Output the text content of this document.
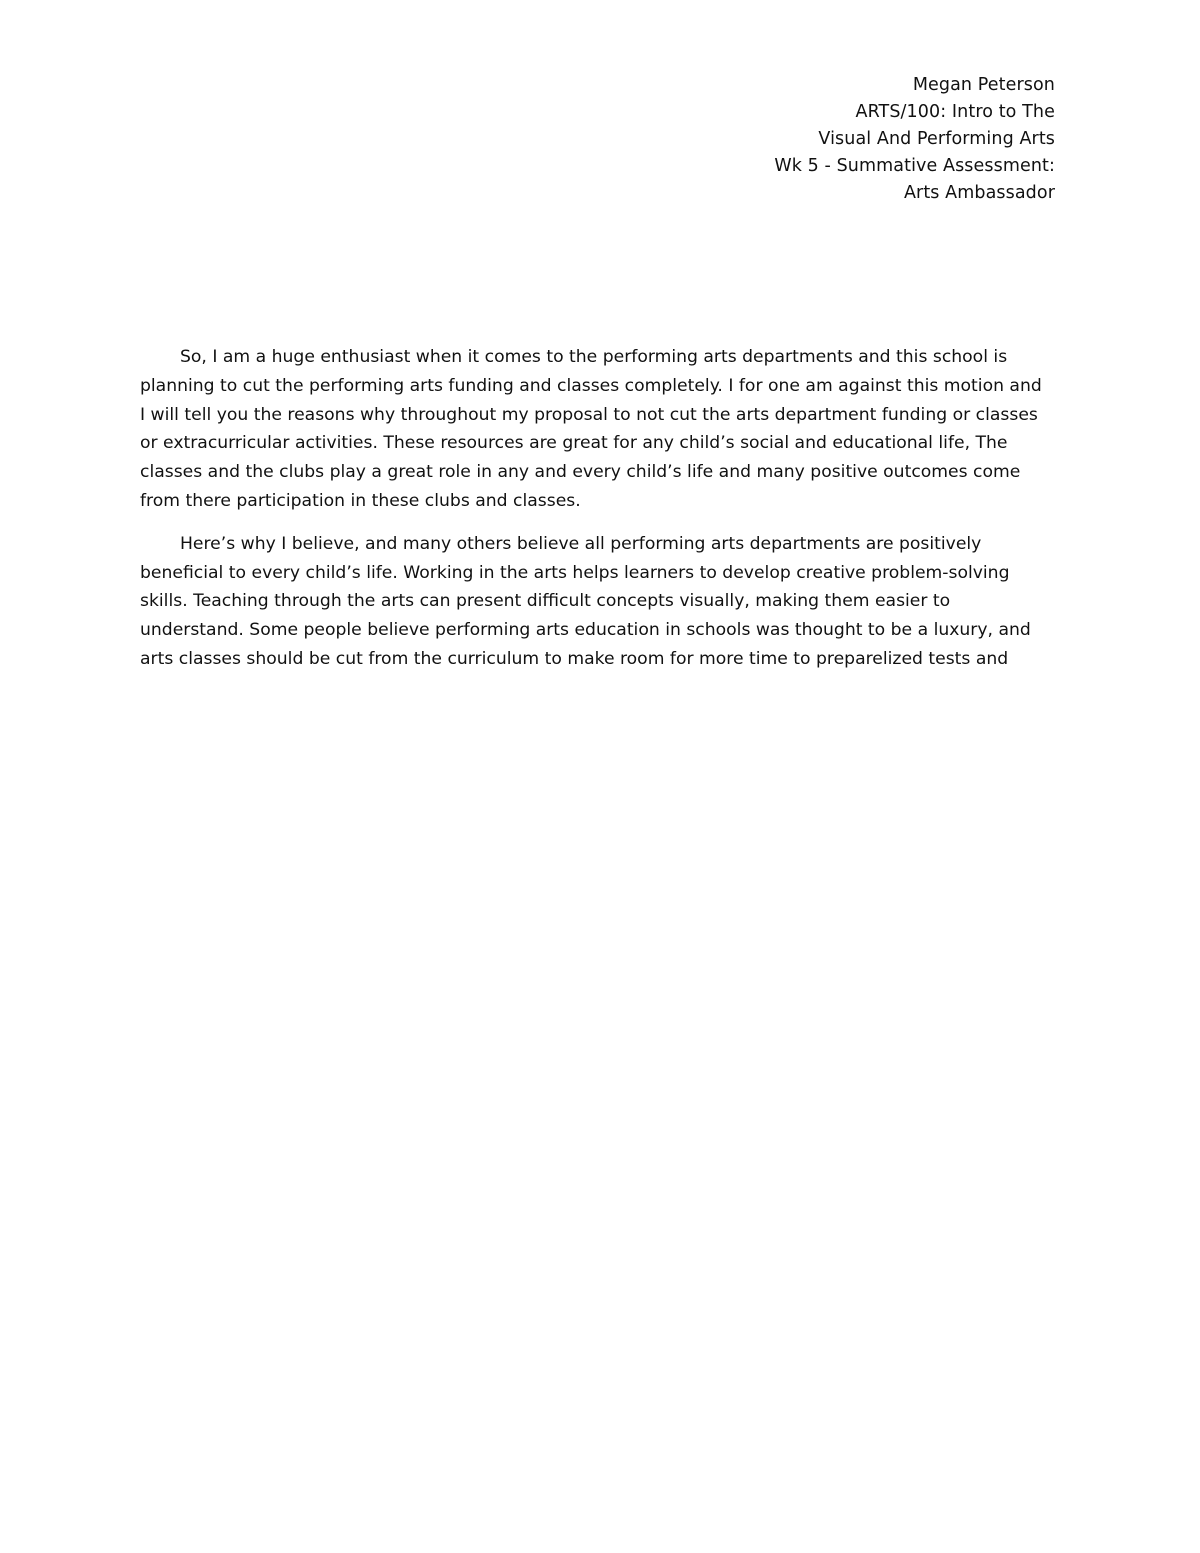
Megan Peterson
ARTS/100: Intro to The
Visual And Performing Arts
Wk 5 - Summative Assessment:
Arts Ambassador
So, I am a huge enthusiast when it comes to the performing arts departments and this school is
planning to cut the performing arts funding and classes completely. I for one am against this motion and
I will tell you the reasons why throughout my proposal to not cut the arts department funding or classes
or extracurricular activities. These resources are great for any child’s social and educational life, The
classes and the clubs play a great role in any and every child’s life and many positive outcomes come
from there participation in these clubs and classes.
Here’s why I believe, and many others believe all performing arts departments are positively
beneficial to every child’s life. Working in the arts helps learners to develop creative problem-solving
skills. Teaching through the arts can present difficult concepts visually, making them easier to
understand. Some people believe performing arts education in schools was thought to be a luxury, and
arts classes should be cut from the curriculum to make room for more time to preparelized tests and
